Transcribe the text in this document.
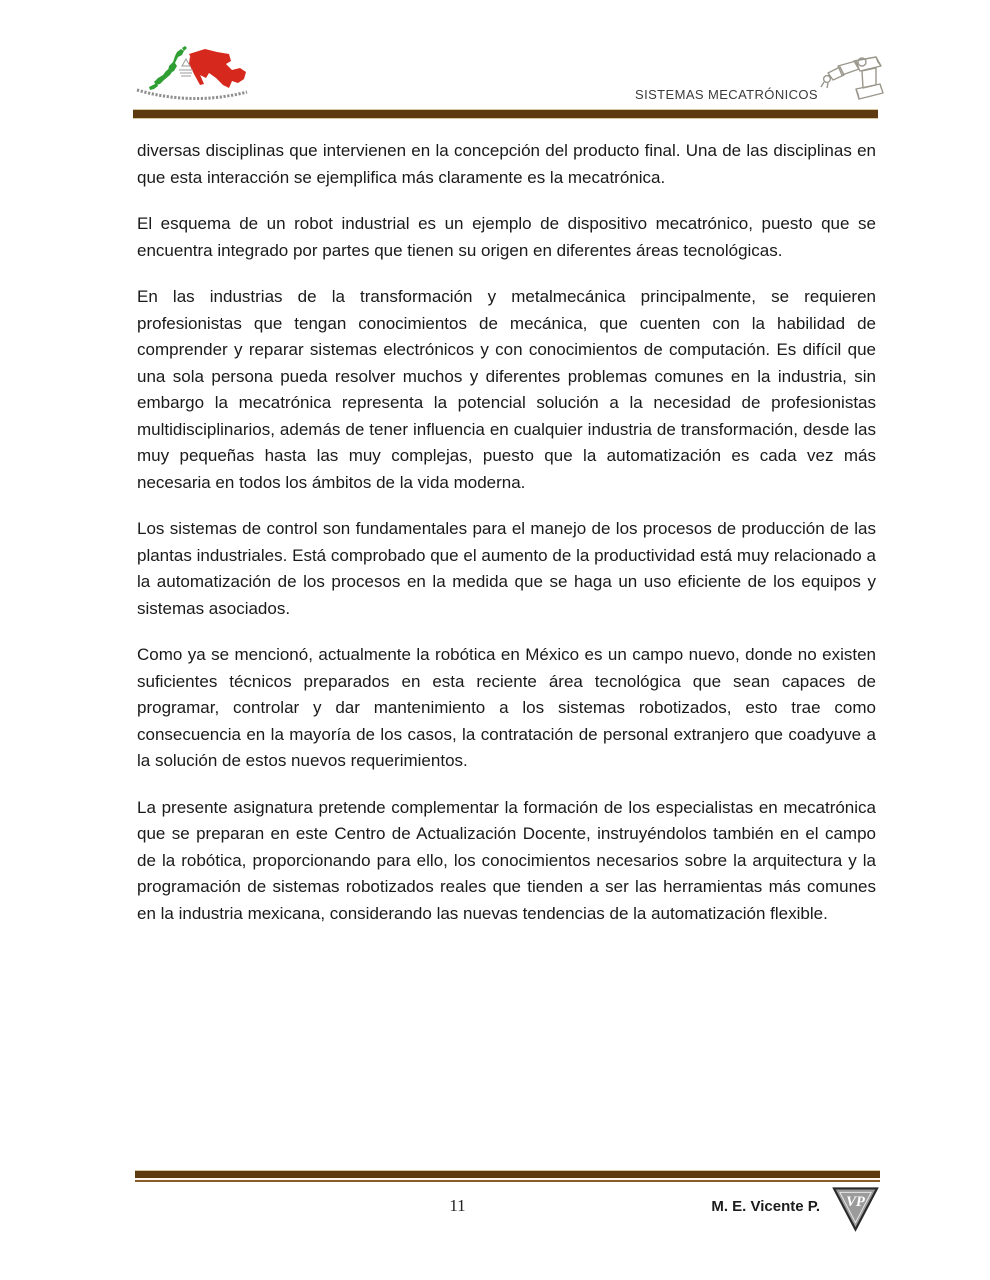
SISTEMAS MECATRÓNICOS

diversas disciplinas que intervienen en la concepción del producto final. Una de las disciplinas en que esta interacción se ejemplifica más claramente es la mecatrónica.

El esquema de un robot industrial es un ejemplo de dispositivo mecatrónico, puesto que se encuentra integrado por partes que tienen su origen en diferentes áreas tecnológicas.

En las industrias de la transformación y metalmecánica principalmente, se requieren profesionistas que tengan conocimientos de mecánica, que cuenten con la habilidad de comprender y reparar sistemas electrónicos y con conocimientos de computación. Es difícil que una sola persona pueda resolver muchos y diferentes problemas comunes en la industria, sin embargo la mecatrónica representa la potencial solución a la necesidad de profesionistas multidisciplinarios, además de tener influencia en cualquier industria de transformación, desde las muy pequeñas hasta las muy complejas, puesto que la automatización es cada vez más necesaria en todos los ámbitos de la vida moderna.

Los sistemas de control son fundamentales para el manejo de los procesos de producción de las plantas industriales. Está comprobado que el aumento de la productividad está muy relacionado a la automatización de los procesos en la medida que se haga un uso eficiente de los equipos y sistemas asociados.

Como ya se mencionó, actualmente la robótica en México es un campo nuevo, donde no existen suficientes técnicos preparados en esta reciente área tecnológica que sean capaces de programar, controlar y dar mantenimiento a los sistemas robotizados, esto trae como consecuencia en la mayoría de los casos, la contratación de personal extranjero que coadyuve a la solución de estos nuevos requerimientos.

La presente asignatura pretende complementar la formación de los especialistas en mecatrónica que se preparan en este Centro de Actualización Docente, instruyéndolos también en el campo de la robótica, proporcionando para ello, los conocimientos necesarios sobre la arquitectura y la programación de sistemas robotizados reales que tienden a ser las herramientas más comunes en la industria mexicana, considerando las nuevas tendencias de la automatización flexible.

11	M. E. Vicente P. VP
